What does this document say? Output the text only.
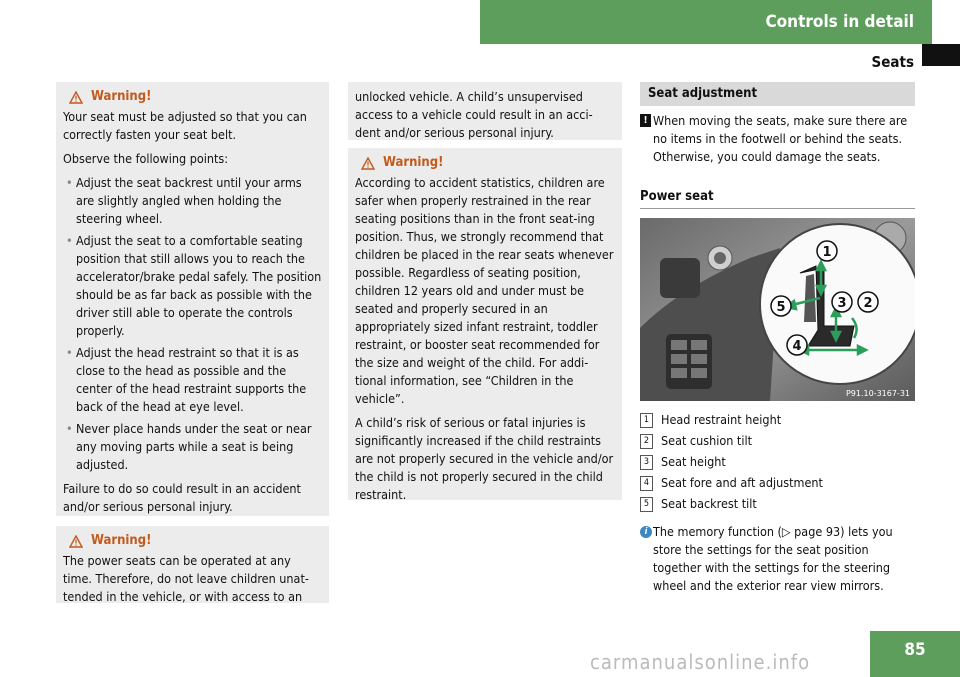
Controls in detail
Seats
Warning!

Your seat must be adjusted so that you can correctly fasten your seat belt.

Observe the following points:

• Adjust the seat backrest until your arms are slightly angled when holding the steering wheel.
• Adjust the seat to a comfortable seating position that still allows you to reach the accelerator/brake pedal safely. The position should be as far back as possible with the driver still able to operate the controls properly.
• Adjust the head restraint so that it is as close to the head as possible and the center of the head restraint supports the back of the head at eye level.
• Never place hands under the seat or near any moving parts while a seat is being adjusted.

Failure to do so could result in an accident and/or serious personal injury.

Warning!

The power seats can be operated at any time. Therefore, do not leave children unat-tended in the vehicle, or with access to an

unlocked vehicle. A child’s unsupervised access to a vehicle could result in an acci-dent and/or serious personal injury.

Warning!

According to accident statistics, children are safer when properly restrained in the rear seating positions than in the front seat-ing position. Thus, we strongly recommend that children be placed in the rear seats whenever possible. Regardless of seating position, children 12 years old and under must be seated and properly secured in an appropriately sized infant restraint, toddler restraint, or booster seat recommended for the size and weight of the child. For addi-tional information, see “Children in the vehicle”.

A child’s risk of serious or fatal injuries is significantly increased if the child restraints are not properly secured in the vehicle and/or the child is not properly secured in the child restraint.

Seat adjustment
! When moving the seats, make sure there are no items in the footwell or behind the seats. Otherwise, you could damage the seats.
Power seat
1
2
3
4
5
P91.10-3167-31
1 Head restraint height
2 Seat cushion tilt
3 Seat height
4 Seat fore and aft adjustment
5 Seat backrest tilt
i The memory function (▷ page 93) lets you store the settings for the seat position together with the settings for the steering wheel and the exterior rear view mirrors.
85
carmanualsonline.info
